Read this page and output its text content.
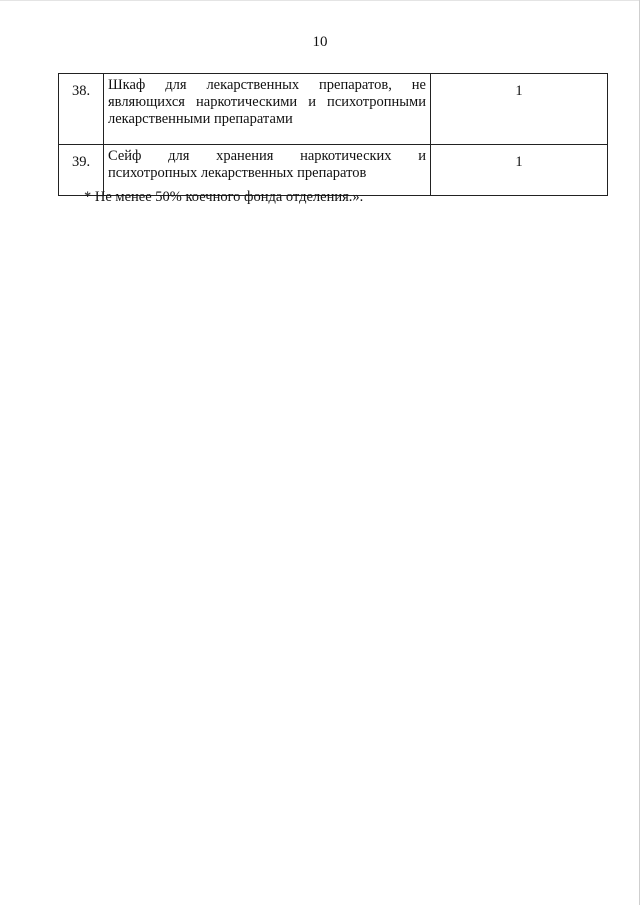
10
38.	Шкаф для лекарственных препаратов, не являющихся наркотическими и психотропными лекарственными препаратами	1
39.	Сейф для хранения наркотических и психотропных лекарственных препаратов	1
* Не менее 50% коечного фонда отделения.».
